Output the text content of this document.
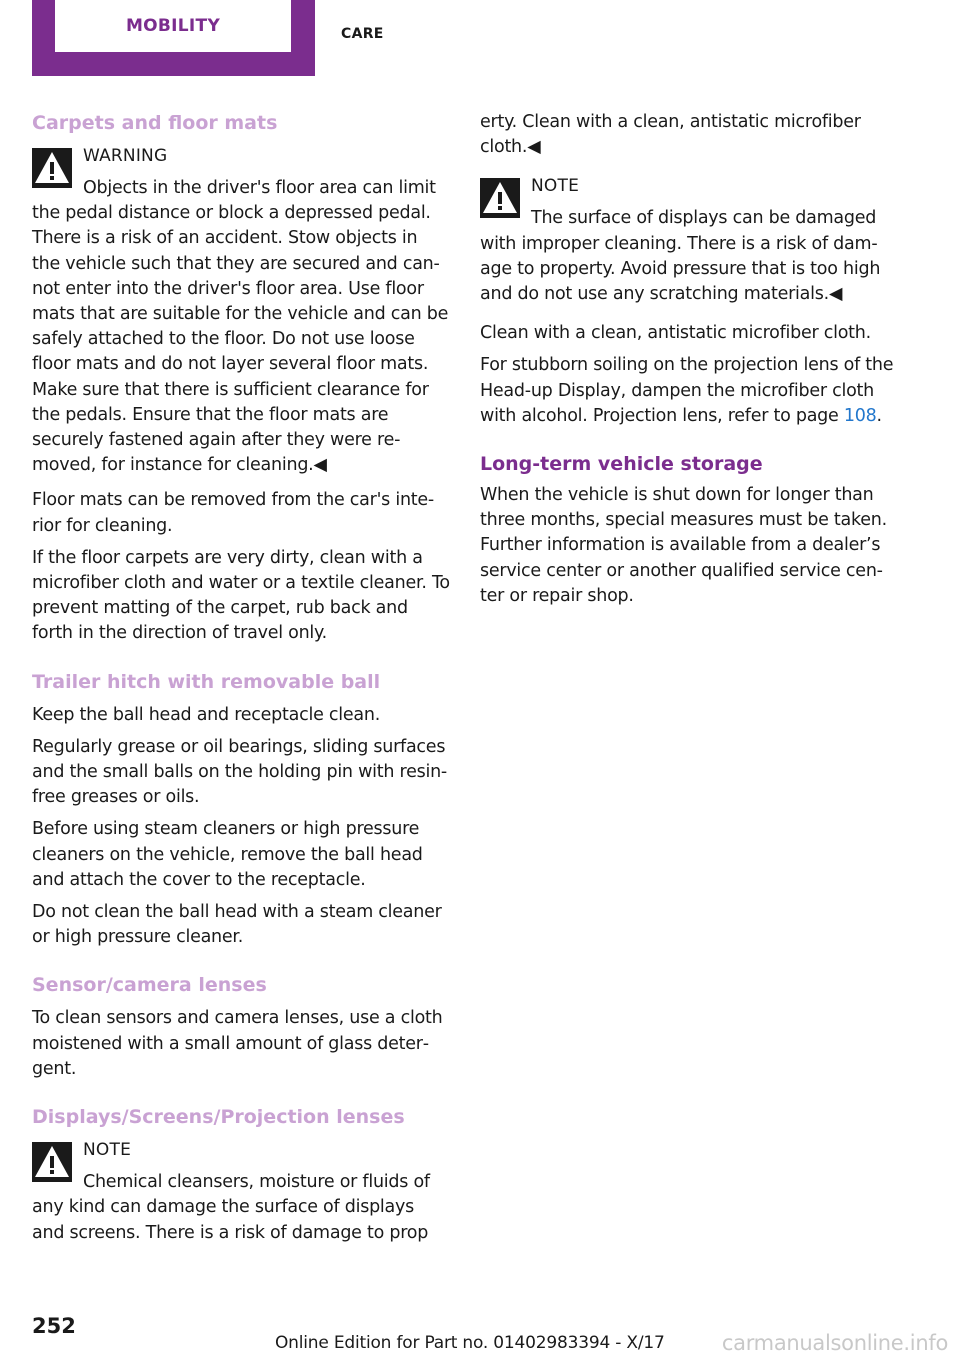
MOBILITY	CARE
Carpets and floor mats
WARNING

Objects in the driver's floor area can limit the pedal distance or block a depressed pedal. There is a risk of an accident. Stow objects in the vehicle such that they are secured and cannot enter into the driver's floor area. Use floor mats that are suitable for the vehicle and can be safely attached to the floor. Do not use loose floor mats and do not layer several floor mats. Make sure that there is sufficient clearance for the pedals. Ensure that the floor mats are securely fastened again after they were removed, for instance for cleaning.◀

Floor mats can be removed from the car's interior for cleaning.

If the floor carpets are very dirty, clean with a microfiber cloth and water or a textile cleaner. To prevent matting of the carpet, rub back and forth in the direction of travel only.

Trailer hitch with removable ball

Keep the ball head and receptacle clean.

Regularly grease or oil bearings, sliding surfaces and the small balls on the holding pin with resin-free greases or oils.

Before using steam cleaners or high pressure cleaners on the vehicle, remove the ball head and attach the cover to the receptacle.

Do not clean the ball head with a steam cleaner or high pressure cleaner.

Sensor/camera lenses

To clean sensors and camera lenses, use a cloth moistened with a small amount of glass detergent.

Displays/Screens/Projection lenses
NOTE

Chemical cleansers, moisture or fluids of any kind can damage the surface of displays and screens. There is a risk of damage to prop

erty. Clean with a clean, antistatic microfiber cloth.◀

NOTE

The surface of displays can be damaged with improper cleaning. There is a risk of damage to property. Avoid pressure that is too high and do not use any scratching materials.◀

Clean with a clean, antistatic microfiber cloth.

For stubborn soiling on the projection lens of the Head-up Display, dampen the microfiber cloth with alcohol. Projection lens, refer to page 108.

Long-term vehicle storage

When the vehicle is shut down for longer than three months, special measures must be taken. Further information is available from a dealer’s service center or another qualified service center or repair shop.

252
Online Edition for Part no. 01402983394 - X/17	carmanualsonline.info
